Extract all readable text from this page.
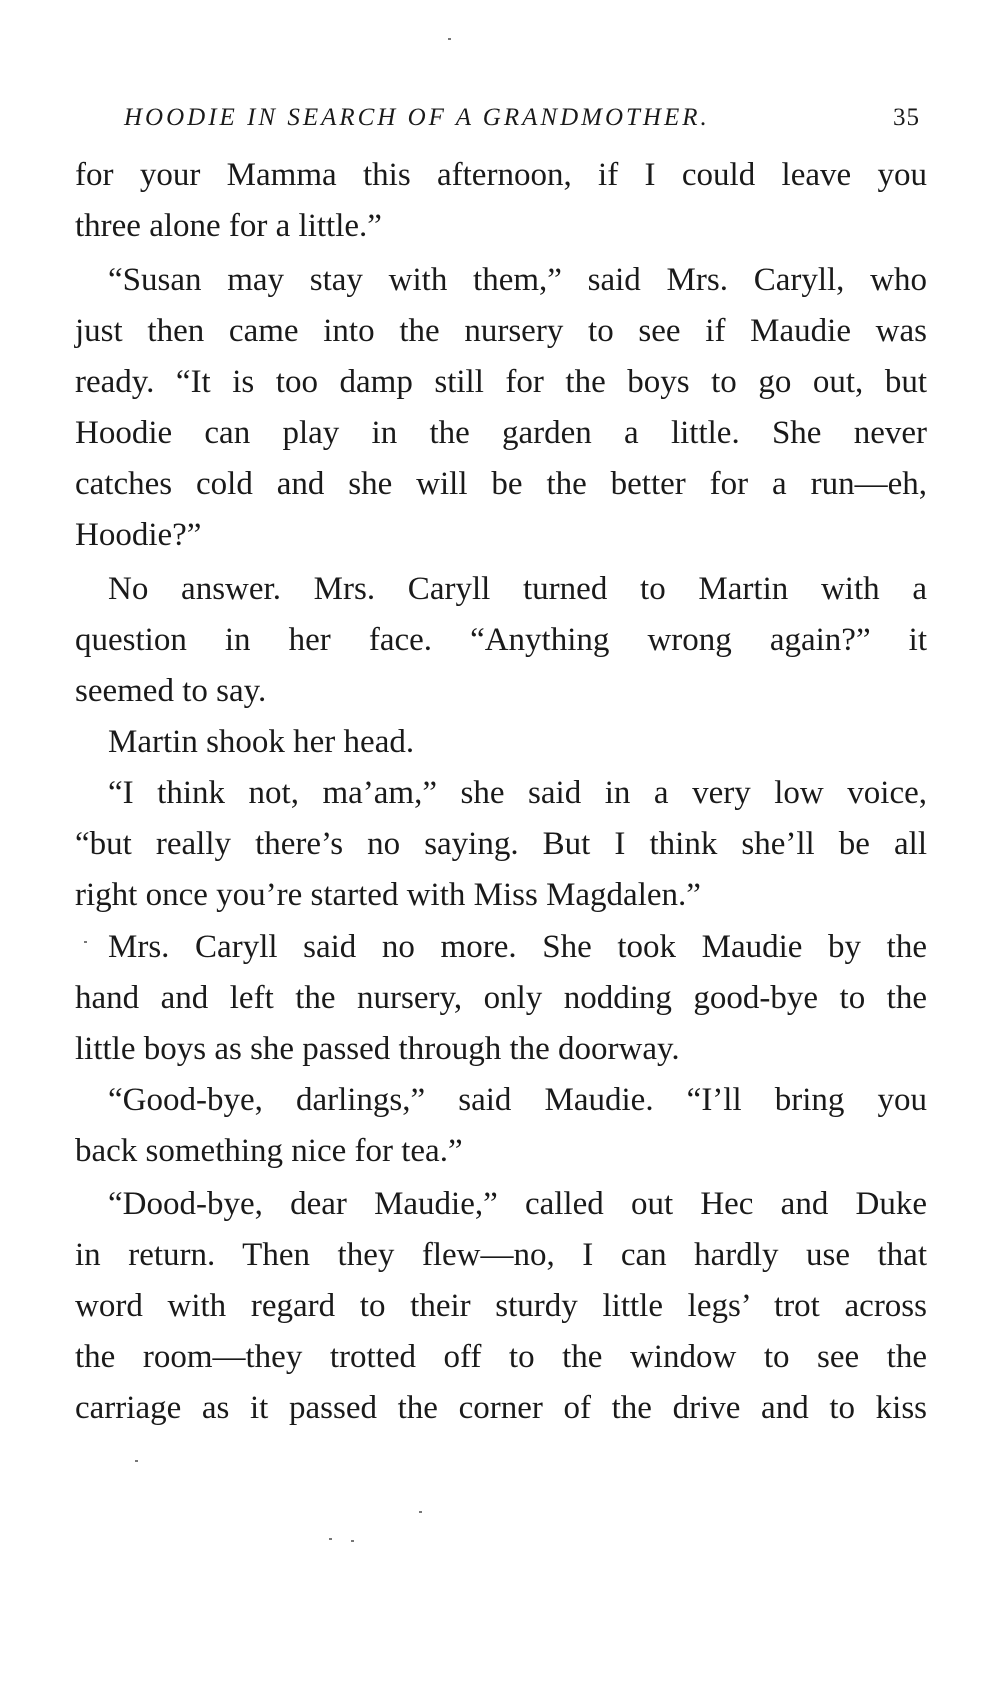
HOODIE IN SEARCH OF A GRANDMOTHER.	35
for your Mamma this afternoon, if I could leave you
three alone for a little.”
“Susan may stay with them,” said Mrs. Caryll, who
just then came into the nursery to see if Maudie was
ready. “It is too damp still for the boys to go out, but
Hoodie can play in the garden a little. She never
catches cold and she will be the better for a run—eh,
Hoodie?”
No answer. Mrs. Caryll turned to Martin with a
question in her face. “Anything wrong again?” it
seemed to say.
Martin shook her head.
“I think not, ma’am,” she said in a very low voice,
“but really there’s no saying. But I think she’ll be all
right once you’re started with Miss Magdalen.”
Mrs. Caryll said no more. She took Maudie by the
hand and left the nursery, only nodding good-bye to the
little boys as she passed through the doorway.
“Good-bye, darlings,” said Maudie. “I’ll bring you
back something nice for tea.”
“Dood-bye, dear Maudie,” called out Hec and Duke
in return. Then they flew—no, I can hardly use that
word with regard to their sturdy little legs’ trot across
the room—they trotted off to the window to see the
carriage as it passed the corner of the drive and to kiss
